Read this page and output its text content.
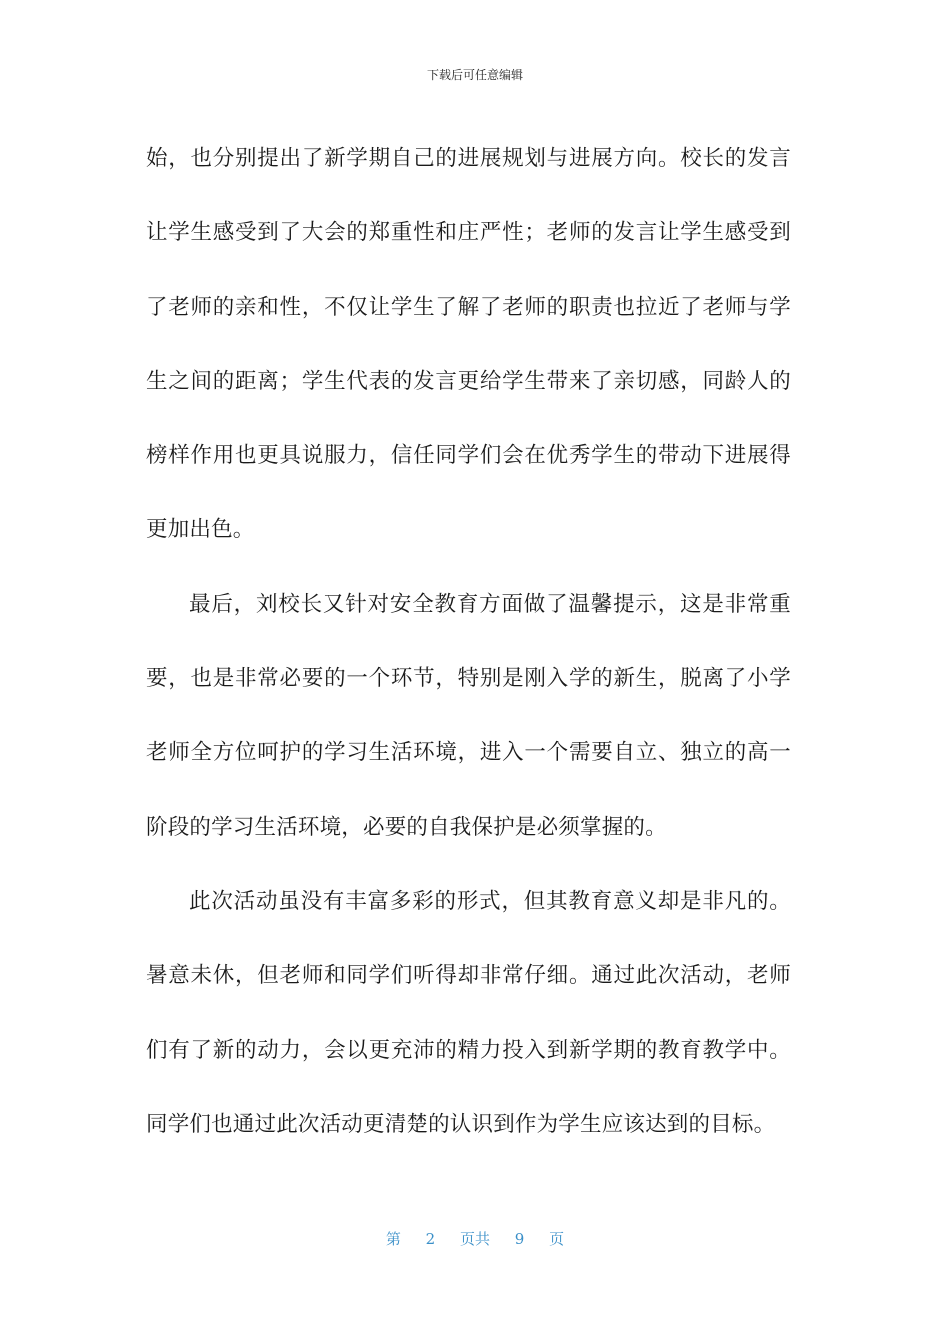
下载后可任意编辑

始，也分别提出了新学期自己的进展规划与进展方向。校长的发言让学生感受到了大会的郑重性和庄严性；老师的发言让学生感受到了老师的亲和性，不仅让学生了解了老师的职责也拉近了老师与学生之间的距离；学生代表的发言更给学生带来了亲切感，同龄人的榜样作用也更具说服力，信任同学们会在优秀学生的带动下进展得更加出色。

最后，刘校长又针对安全教育方面做了温馨提示，这是非常重要，也是非常必要的一个环节，特别是刚入学的新生，脱离了小学老师全方位呵护的学习生活环境，进入一个需要自立、独立的高一阶段的学习生活环境，必要的自我保护是必须掌握的。

此次活动虽没有丰富多彩的形式，但其教育意义却是非凡的。暑意未休，但老师和同学们听得却非常仔细。通过此次活动，老师们有了新的动力，会以更充沛的精力投入到新学期的教育教学中。同学们也通过此次活动更清楚的认识到作为学生应该达到的目标。

第 2 页共 9 页
